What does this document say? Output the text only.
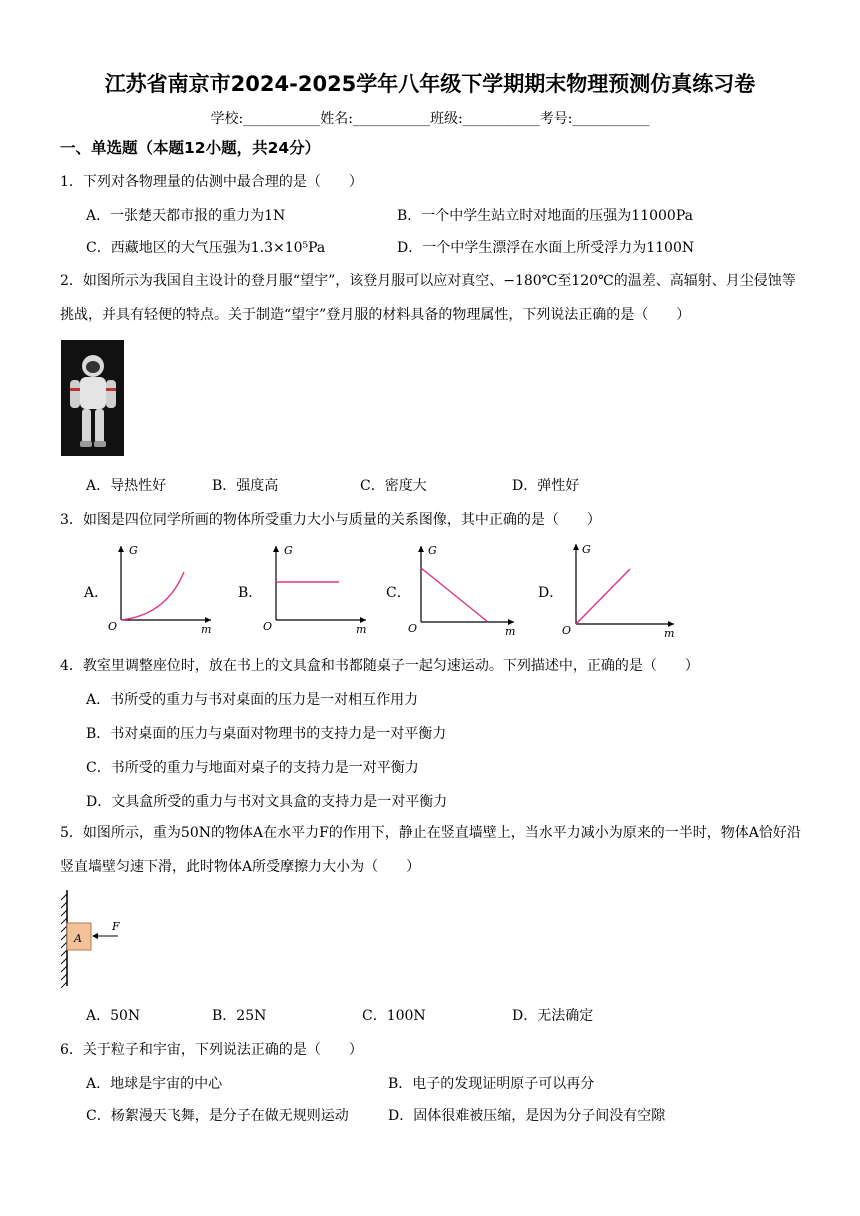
江苏省南京市2024-2025学年八年级下学期期末物理预测仿真练习卷
学校:___________姓名:___________班级:___________考号:___________
一、单选题（本题12小题，共24分）
1．下列对各物理量的估测中最合理的是（　　）
A．一张楚天都市报的重力为1N	B．一个中学生站立时对地面的压强为11000Pa
C．西藏地区的大气压强为1.3×10⁵Pa	D．一个中学生漂浮在水面上所受浮力为1100N
2．如图所示为我国自主设计的登月服“望宇”，该登月服可以应对真空、−180℃至120℃的温差、高辐射、月尘侵蚀等挑战，并具有轻便的特点。关于制造“望宇”登月服的材料具备的物理属性，下列说法正确的是（　　）
A．导热性好	B．强度高	C．密度大	D．弹性好
3．如图是四位同学所画的物体所受重力大小与质量的关系图像，其中正确的是（　　）
A．
G
m
O
B．
G
m
O
C．
G
m
O
D．
G
m
O
4．教室里调整座位时，放在书上的文具盒和书都随桌子一起匀速运动。下列描述中，正确的是（　　）
A．书所受的重力与书对桌面的压力是一对相互作用力
B．书对桌面的压力与桌面对物理书的支持力是一对平衡力
C．书所受的重力与地面对桌子的支持力是一对平衡力
D．文具盒所受的重力与书对文具盒的支持力是一对平衡力
5．如图所示，重为50N的物体A在水平力F的作用下，静止在竖直墙壁上，当水平力减小为原来的一半时，物体A恰好沿竖直墙壁匀速下滑，此时物体A所受摩擦力大小为（　　）
A
F
A．50N	B．25N	C．100N	D．无法确定
6．关于粒子和宇宙，下列说法正确的是（　　）
A．地球是宇宙的中心	B．电子的发现证明原子可以再分
C．杨絮漫天飞舞，是分子在做无规则运动	D．固体很难被压缩，是因为分子间没有空隙
